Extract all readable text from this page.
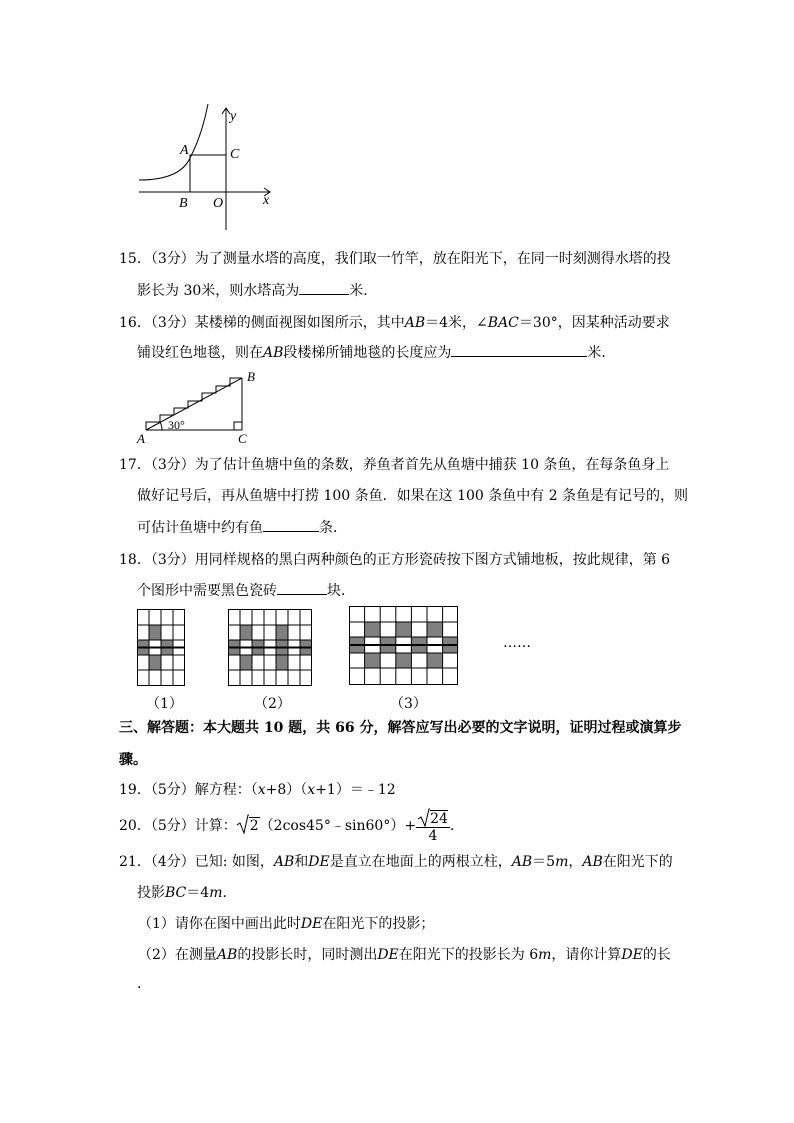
y
x
A	C
B O
15．（3分）为了测量水塔的高度，我们取一竹竿，放在阳光下，在同一时刻测得水塔的投
影长为 30米，则水塔高为	米．
16．（3分）某楼梯的侧面视图如图所示，其中AB＝4米，∠BAC＝30°，因某种活动要求
铺设红色地毯，则在AB段楼梯所铺地毯的长度应为	米．
B
A	C
30°
17．（3分）为了估计鱼塘中鱼的条数，养鱼者首先从鱼塘中捕获 10 条鱼，在每条鱼身上
做好记号后，再从鱼塘中打捞 100 条鱼．如果在这 100 条鱼中有 2 条鱼是有记号的，则
可估计鱼塘中约有鱼	条．
18．（3分）用同样规格的黑白两种颜色的正方形瓷砖按下图方式铺地板，按此规律，第 6
个图形中需要黑色瓷砖	块．
（1）	（2）	（3）
……
三、解答题：本大题共 10 题，共 66 分，解答应写出必要的文字说明，证明过程或演算步
骤。
19．（5分）解方程：（x+8）（x+1）＝﹣12
20．（5分）计算： 2（2cos45°﹣sin60°）+ $\frac{24}{4}$ .
21．（4分）已知: 如图，AB和DE是直立在地面上的两根立柱，AB＝5m，AB在阳光下的
投影BC＝4m．
（1）请你在图中画出此时DE在阳光下的投影；
（2）在测量AB的投影长时，同时测出DE在阳光下的投影长为 6m，请你计算DE的长
．
